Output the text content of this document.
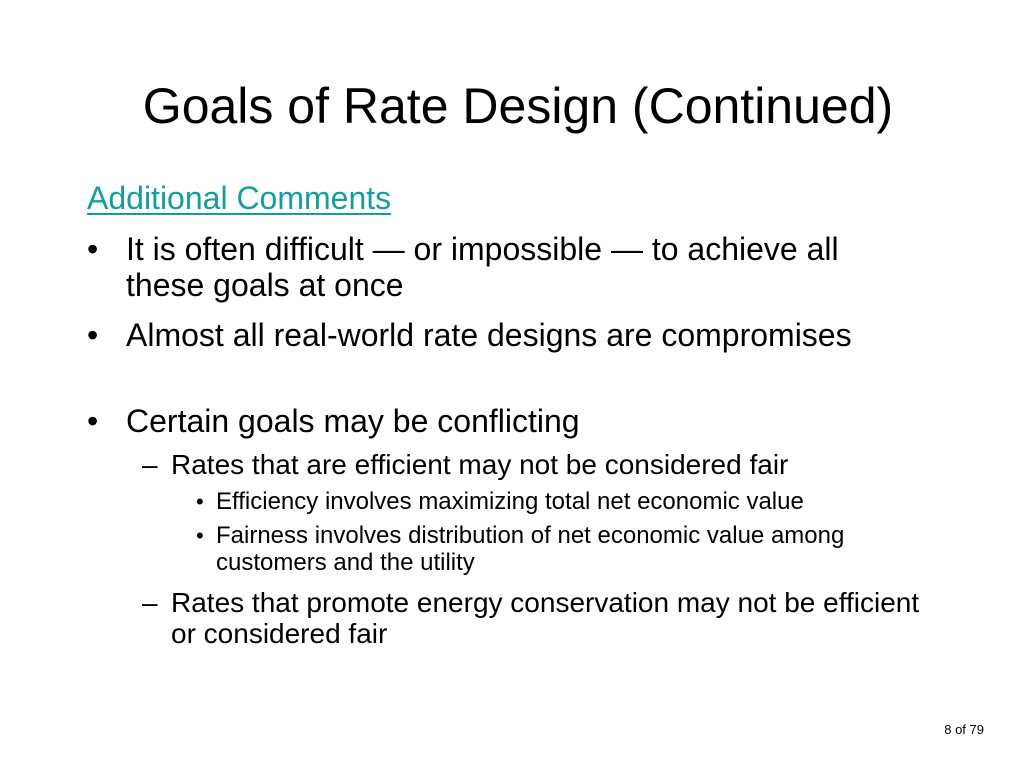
Goals of Rate Design (Continued)
Additional Comments
• It is often difficult — or impossible — to achieve all these goals at once
• Almost all real-world rate designs are compromises
• Certain goals may be conflicting
– Rates that are efficient may not be considered fair
• Efficiency involves maximizing total net economic value
• Fairness involves distribution of net economic value among customers and the utility
– Rates that promote energy conservation may not be efficient or considered fair
8 of 79
